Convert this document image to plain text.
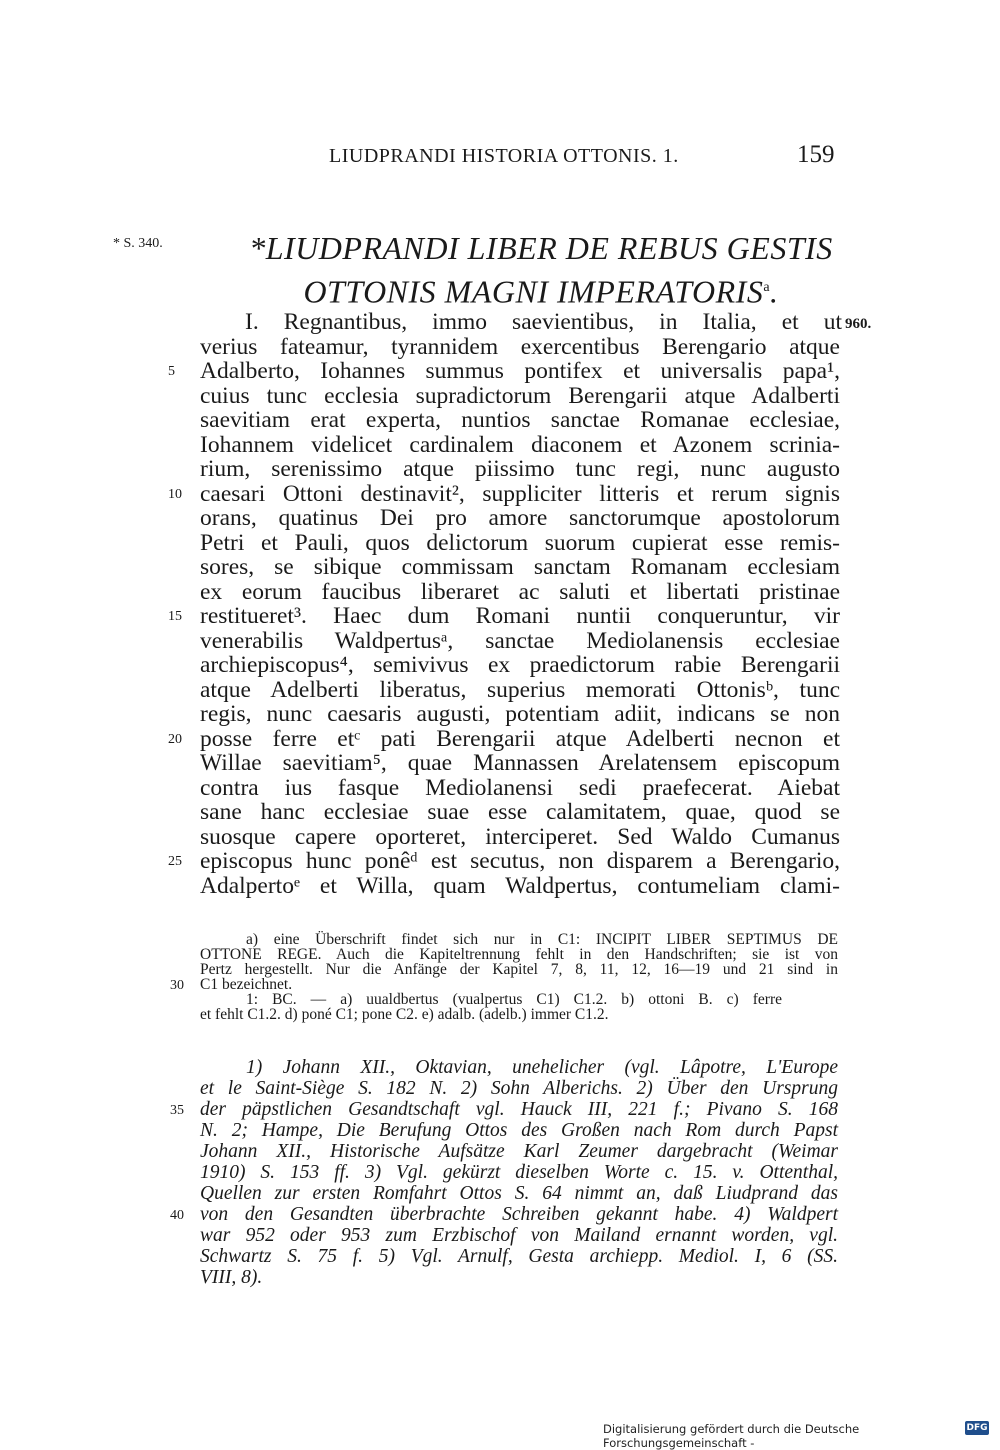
LIUDPRANDI HISTORIA OTTONIS. 1.	159
* S. 340.
960.
*LIUDPRANDI LIBER DE REBUS GESTIS
OTTONIS MAGNI IMPERATORIS$^a$.
I. Regnantibus, immo saevientibus, in Italia, et ut
verius fateamur, tyrannidem exercentibus Berengario atque
Adalberto, Iohannes summus pontifex et universalis papa¹,
cuius tunc ecclesia supradictorum Berengarii atque Adalberti
saevitiam erat experta, nuntios sanctae Romanae ecclesiae,
Iohannem videlicet cardinalem diaconem et Azonem scrinia-
rium, serenissimo atque piissimo tunc regi, nunc augusto
caesari Ottoni destinavit², suppliciter litteris et rerum signis
orans, quatinus Dei pro amore sanctorumque apostolorum
Petri et Pauli, quos delictorum suorum cupierat esse remis-
sores, se sibique commissam sanctam Romanam ecclesiam
ex eorum faucibus liberaret ac saluti et libertati pristinae
restitueret³. Haec dum Romani nuntii conqueruntur, vir
venerabilis Waldpertusᵃ, sanctae Mediolanensis ecclesiae
archiepiscopus⁴, semivivus ex praedictorum rabie Berengarii
atque Adelberti liberatus, superius memorati Ottonisᵇ, tunc
regis, nunc caesaris augusti, potentiam adiit, indicans se non
posse ferre etᶜ pati Berengarii atque Adelberti necnon et
Willae saevitiam⁵, quae Mannassen Arelatensem episcopum
contra ius fasque Mediolanensi sedi praefecerat. Aiebat
sane hanc ecclesiae suae esse calamitatem, quae, quod se
suosque capere oporteret, interciperet. Sed Waldo Cumanus
episcopus hunc ponêᵈ est secutus, non disparem a Berengario,
Adalpertoᵉ et Willa, quam Waldpertus, contumeliam clami-
5
10
15
20
25
a) eine Überschrift findet sich nur in C1: INCIPIT LIBER SEPTIMUS DE
OTTONE REGE. Auch die Kapiteltrennung fehlt in den Handschriften; sie ist von
Pertz hergestellt. Nur die Anfänge der Kapitel 7, 8, 11, 12, 16—19 und 21 sind in
C1 bezeichnet.
1: BC. — a) uualdbertus (vualpertus C1) C1.2. b) ottoni B. c) ferre
et fehlt C1.2. d) poné C1; pone C2. e) adalb. (adelb.) immer C1.2.
30
1) Johann XII., Oktavian, unehelicher (vgl. Lâpotre, L'Europe
et le Saint-Siège S. 182 N. 2) Sohn Alberichs. 2) Über den Ursprung
der päpstlichen Gesandtschaft vgl. Hauck III, 221 f.; Pivano S. 168
N. 2; Hampe, Die Berufung Ottos des Großen nach Rom durch Papst
Johann XII., Historische Aufsätze Karl Zeumer dargebracht (Weimar
1910) S. 153 ff. 3) Vgl. gekürzt dieselben Worte c. 15. v. Ottenthal,
Quellen zur ersten Romfahrt Ottos S. 64 nimmt an, daß Liudprand das
von den Gesandten überbrachte Schreiben gekannt habe. 4) Waldpert
war 952 oder 953 zum Erzbischof von Mailand ernannt worden, vgl.
Schwartz S. 75 f. 5) Vgl. Arnulf, Gesta archiepp. Mediol. I, 6 (SS.
VIII, 8).
35
40
Digitalisierung gefördert durch die Deutsche Forschungsgemeinschaft -
DFG
